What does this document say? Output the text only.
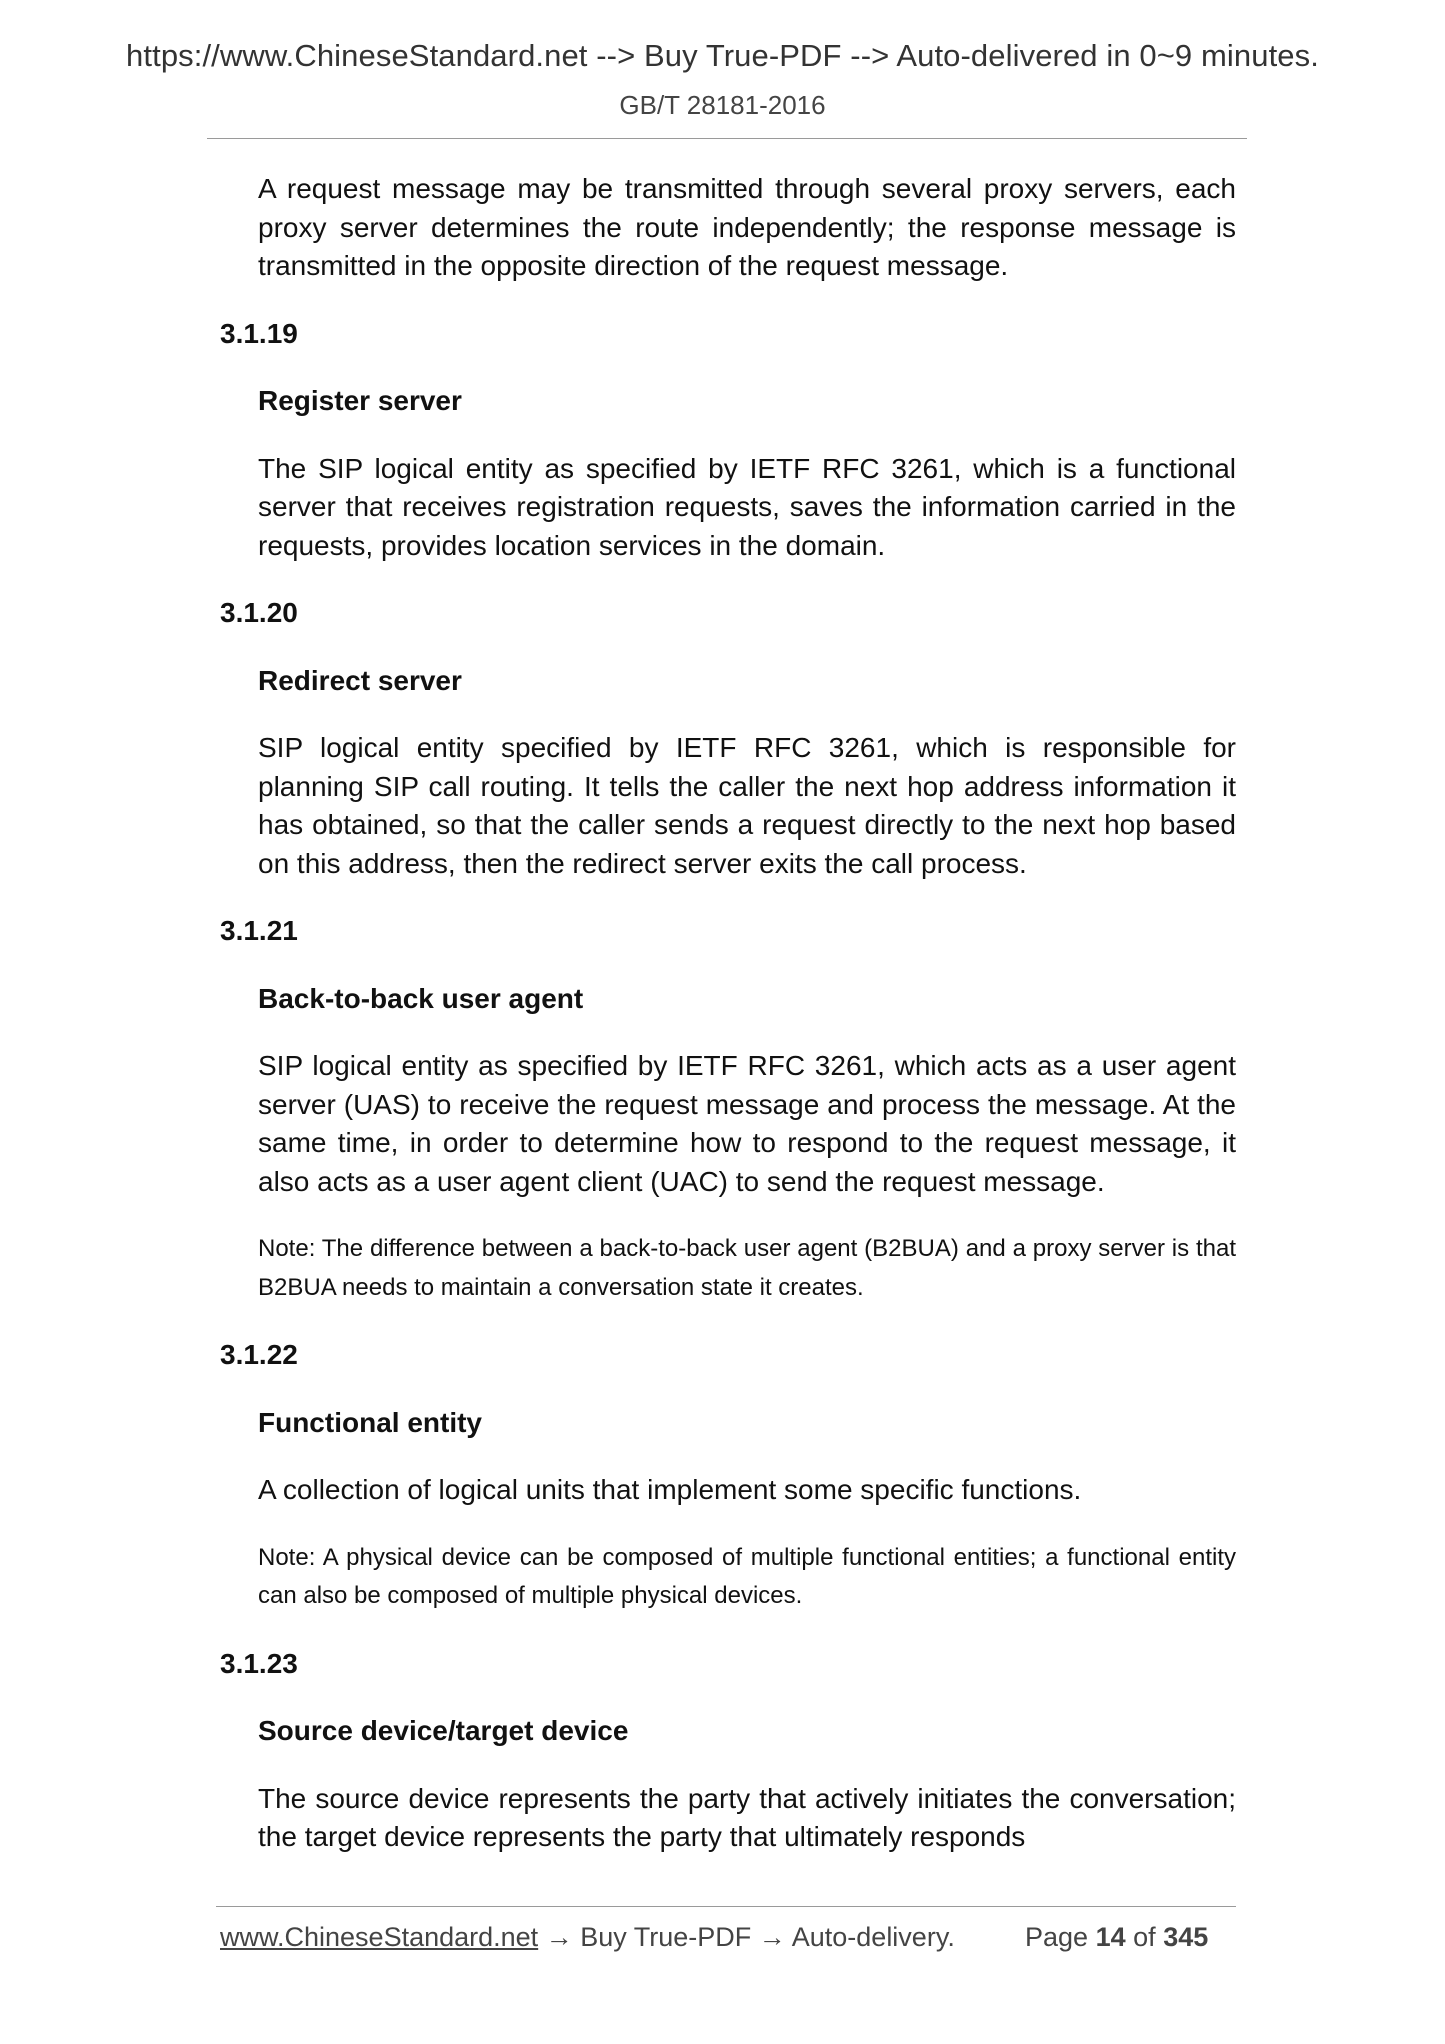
https://www.ChineseStandard.net --> Buy True-PDF --> Auto-delivered in 0~9 minutes.
GB/T 28181-2016

A request message may be transmitted through several proxy servers, each proxy server determines the route independently; the response message is transmitted in the opposite direction of the request message.

3.1.19
Register server

The SIP logical entity as specified by IETF RFC 3261, which is a functional server that receives registration requests, saves the information carried in the requests, provides location services in the domain.

3.1.20
Redirect server

SIP logical entity specified by IETF RFC 3261, which is responsible for planning SIP call routing. It tells the caller the next hop address information it has obtained, so that the caller sends a request directly to the next hop based on this address, then the redirect server exits the call process.

3.1.21
Back-to-back user agent

SIP logical entity as specified by IETF RFC 3261, which acts as a user agent server (UAS) to receive the request message and process the message. At the same time, in order to determine how to respond to the request message, it also acts as a user agent client (UAC) to send the request message.

Note: The difference between a back-to-back user agent (B2BUA) and a proxy server is that B2BUA needs to maintain a conversation state it creates.

3.1.22
Functional entity

A collection of logical units that implement some specific functions.

Note: A physical device can be composed of multiple functional entities; a functional entity can also be composed of multiple physical devices.

3.1.23
Source device/target device

The source device represents the party that actively initiates the conversation; the target device represents the party that ultimately responds

www.ChineseStandard.net → Buy True-PDF → Auto-delivery.	Page 14 of 345
